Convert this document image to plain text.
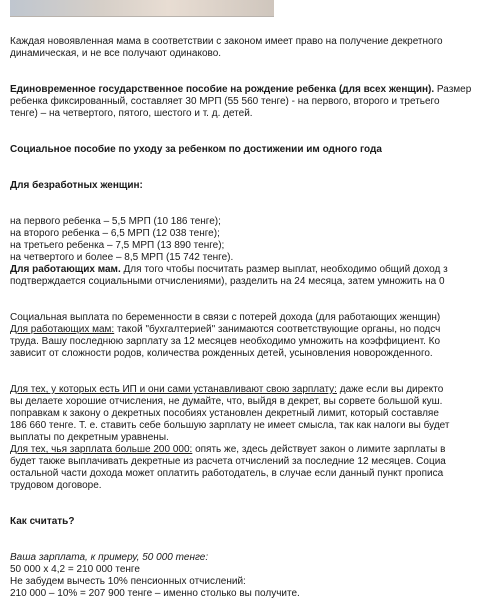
Каждая новоявленная мама в соответствии с законом имеет право на получение декретного

динамическая, и не все получают одинаково.

Единовременное государственное пособие на рождение ребенка (для всех женщин). Размер

ребенка фиксированный, составляет 30 МРП (55 560 тенге) - на первого, второго и третьего

тенге) – на четвертого, пятого, шестого и т. д. детей.

Социальное пособие по уходу за ребенком по достижении им одного года

Для безработных женщин:

на первого ребенка – 5,5 МРП (10 186 тенге);

на второго ребенка – 6,5 МРП (12 038 тенге);

на третьего ребенка – 7,5 МРП (13 890 тенге);

на четвертого и более – 8,5 МРП (15 742 тенге).

Для работающих мам. Для того чтобы посчитать размер выплат, необходимо общий доход з

подтверждается социальными отчислениями), разделить на 24 месяца, затем умножить на 0

Социальная выплата по беременности в связи с потерей дохода (для работающих женщин)

Для работающих мам: такой "бухгалтерией" занимаются соответствующие органы, но подсч

труда. Вашу последнюю зарплату за 12 месяцев необходимо умножить на коэффициент. Ко

зависит от сложности родов, количества рожденных детей, усыновления новорожденного.

Для тех, у которых есть ИП и они сами устанавливают свою зарплату: даже если вы директо

вы делаете хорошие отчисления, не думайте, что, выйдя в декрет, вы сорвете большой куш.

поправкам к закону о декретных пособиях установлен декретный лимит, который составляе

186 660 тенге. Т. е. ставить себе большую зарплату не имеет смысла, так как налоги вы будет

выплаты по декретным уравнены.

Для тех, чья зарплата больше 200 000: опять же, здесь действует закон о лимите зарплаты в

будет также выплачивать декретные из расчета отчислений за последние 12 месяцев. Социа

остальной части дохода может оплатить работодатель, в случае если данный пункт прописа

трудовом договоре.

Как считать?

Ваша зарплата, к примеру, 50 000 тенге:

50 000 х 4,2 = 210 000 тенге

Не забудем вычесть 10% пенсионных отчислений:

210 000 – 10% = 207 900 тенге – именно столько вы получите.
